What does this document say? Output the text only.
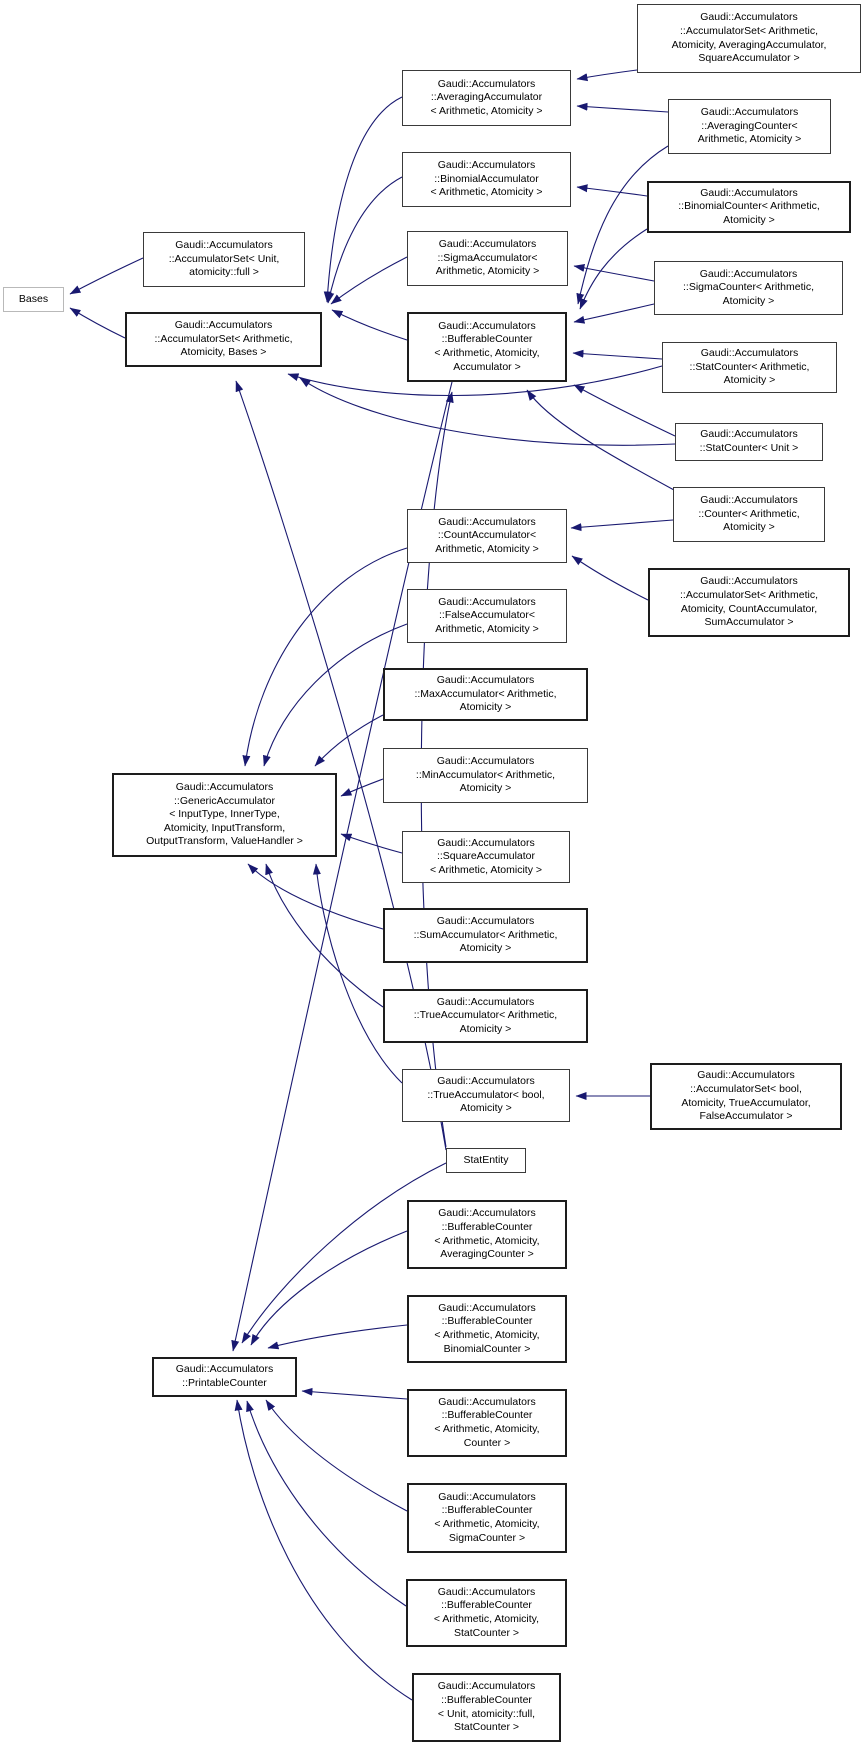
Bases
Gaudi::Accumulators
::AccumulatorSet< Unit,
atomicity::full >
Gaudi::Accumulators
::AccumulatorSet< Arithmetic,
Atomicity, Bases >
Gaudi::Accumulators
::AveragingAccumulator
< Arithmetic, Atomicity >
Gaudi::Accumulators
::BinomialAccumulator
< Arithmetic, Atomicity >
Gaudi::Accumulators
::SigmaAccumulator<
Arithmetic, Atomicity >
Gaudi::Accumulators
::BufferableCounter
< Arithmetic, Atomicity,
Accumulator >
Gaudi::Accumulators
::CountAccumulator<
Arithmetic, Atomicity >
Gaudi::Accumulators
::FalseAccumulator<
Arithmetic, Atomicity >
Gaudi::Accumulators
::MaxAccumulator< Arithmetic,
Atomicity >
Gaudi::Accumulators
::MinAccumulator< Arithmetic,
Atomicity >
Gaudi::Accumulators
::SquareAccumulator
< Arithmetic, Atomicity >
Gaudi::Accumulators
::SumAccumulator< Arithmetic,
Atomicity >
Gaudi::Accumulators
::TrueAccumulator< Arithmetic,
Atomicity >
Gaudi::Accumulators
::TrueAccumulator< bool,
Atomicity >
StatEntity
Gaudi::Accumulators
::BufferableCounter
< Arithmetic, Atomicity,
AveragingCounter >
Gaudi::Accumulators
::BufferableCounter
< Arithmetic, Atomicity,
BinomialCounter >
Gaudi::Accumulators
::BufferableCounter
< Arithmetic, Atomicity,
Counter >
Gaudi::Accumulators
::BufferableCounter
< Arithmetic, Atomicity,
SigmaCounter >
Gaudi::Accumulators
::BufferableCounter
< Arithmetic, Atomicity,
StatCounter >
Gaudi::Accumulators
::BufferableCounter
< Unit, atomicity::full,
StatCounter >
Gaudi::Accumulators
::GenericAccumulator
< InputType, InnerType,
Atomicity, InputTransform,
OutputTransform, ValueHandler >
Gaudi::Accumulators
::PrintableCounter
Gaudi::Accumulators
::AccumulatorSet< Arithmetic,
Atomicity, AveragingAccumulator,
SquareAccumulator >
Gaudi::Accumulators
::AveragingCounter<
Arithmetic, Atomicity >
Gaudi::Accumulators
::BinomialCounter< Arithmetic,
Atomicity >
Gaudi::Accumulators
::SigmaCounter< Arithmetic,
Atomicity >
Gaudi::Accumulators
::StatCounter< Arithmetic,
Atomicity >
Gaudi::Accumulators
::StatCounter< Unit >
Gaudi::Accumulators
::Counter< Arithmetic,
Atomicity >
Gaudi::Accumulators
::AccumulatorSet< Arithmetic,
Atomicity, CountAccumulator,
SumAccumulator >
Gaudi::Accumulators
::AccumulatorSet< bool,
Atomicity, TrueAccumulator,
FalseAccumulator >
